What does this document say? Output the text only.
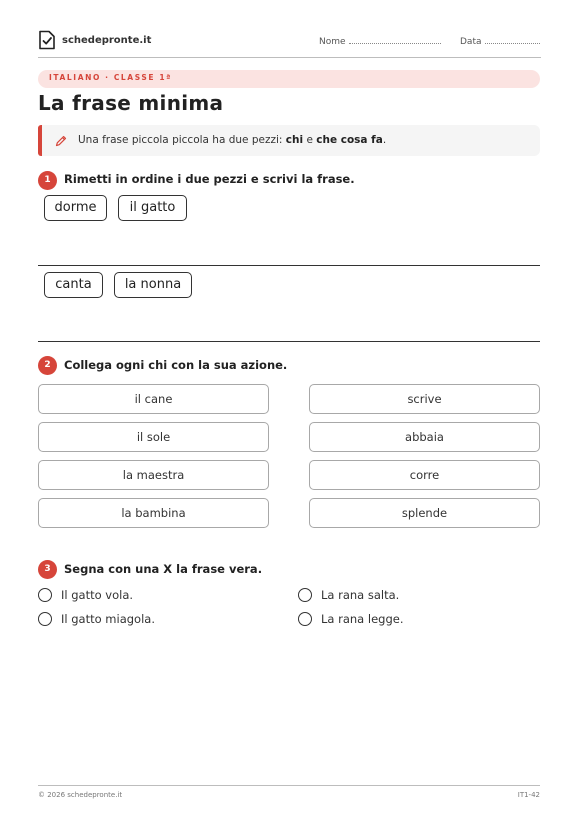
schedepronte.it	Nome	Data
ITALIANO · CLASSE 1ª
La frase minima
Una frase piccola piccola ha due pezzi: chi e che cosa fa.
1	Rimetti in ordine i due pezzi e scrivi la frase.
dorme	il gatto
canta	la nonna
2	Collega ogni chi con la sua azione.
il cane
il sole
la maestra
la bambina
scrive
abbaia
corre
splende
3	Segna con una X la frase vera.
Il gatto vola.
Il gatto miagola.
La rana salta.
La rana legge.
© 2026 schedepronte.it	IT1-42
